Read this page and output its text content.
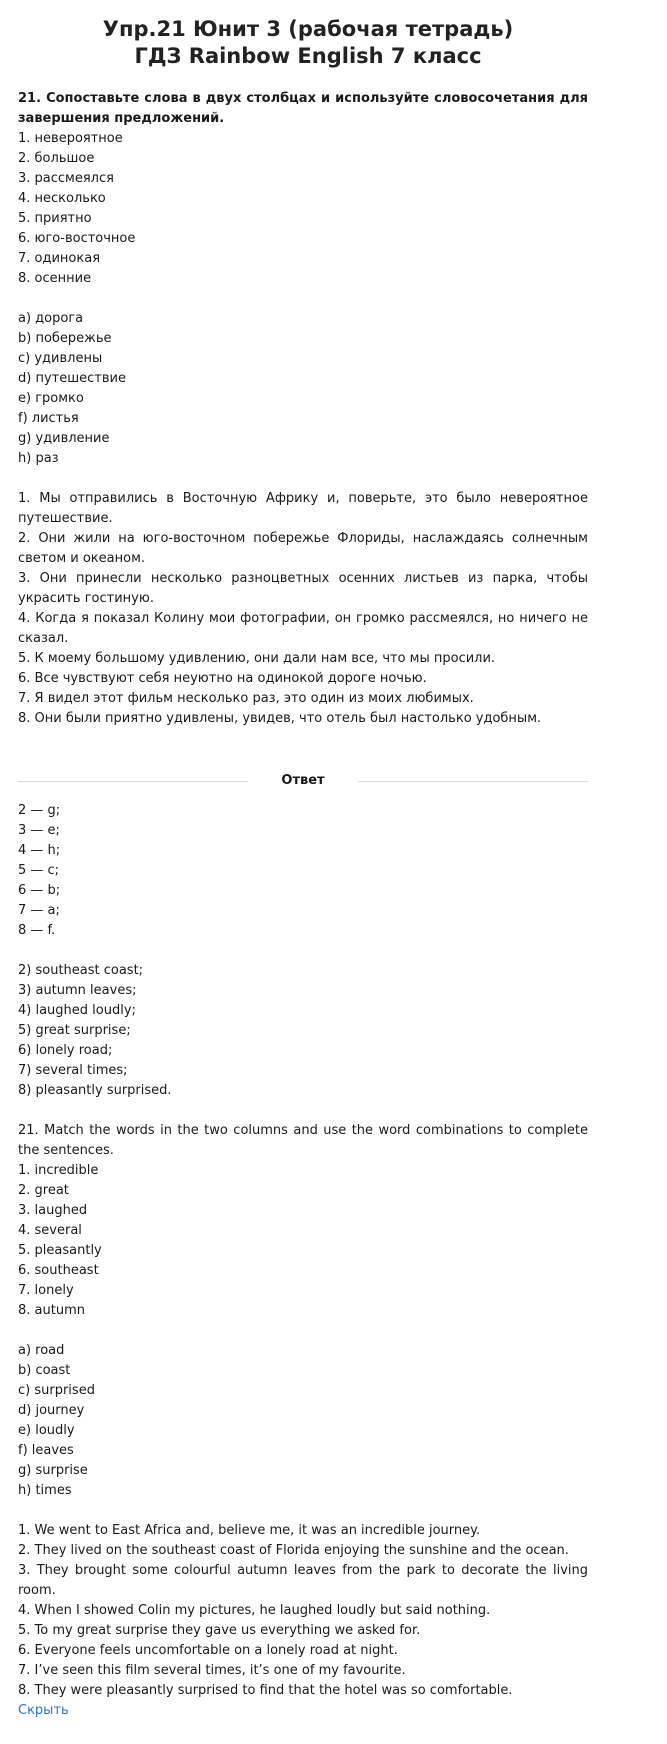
Упр.21 Юнит 3 (рабочая тетрадь)
ГДЗ Rainbow English 7 класс
21. Сопоставьте слова в двух столбцах и используйте словосочетания для завершения предложений.
1. невероятное
2. большое
3. рассмеялся
4. несколько
5. приятно
6. юго-восточное
7. одинокая
8. осенние
a) дорога
b) побережье
c) удивлены
d) путешествие
e) громко
f) листья
g) удивление
h) раз
1. Мы отправились в Восточную Африку и, поверьте, это было невероятное путешествие.
2. Они жили на юго-восточном побережье Флориды, наслаждаясь солнечным светом и океаном.
3. Они принесли несколько разноцветных осенних листьев из парка, чтобы украсить гостиную.
4. Когда я показал Колину мои фотографии, он громко рассмеялся, но ничего не сказал.
5. К моему большому удивлению, они дали нам все, что мы просили.
6. Все чувствуют себя неуютно на одинокой дороге ночью.
7. Я видел этот фильм несколько раз, это один из моих любимых.
8. Они были приятно удивлены, увидев, что отель был настолько удобным.
Ответ
2 — g;
3 — e;
4 — h;
5 — c;
6 — b;
7 — a;
8 — f.
2) southeast coast;
3) autumn leaves;
4) laughed loudly;
5) great surprise;
6) lonely road;
7) several times;
8) pleasantly surprised.
21. Match the words in the two columns and use the word combinations to complete the sentences.
1. incredible
2. great
3. laughed
4. several
5. pleasantly
6. southeast
7. lonely
8. autumn
a) road
b) coast
c) surprised
d) journey
e) loudly
f) leaves
g) surprise
h) times
1. We went to East Africa and, believe me, it was an incredible journey.
2. They lived on the southeast coast of Florida enjoying the sunshine and the ocean.
3. They brought some colourful autumn leaves from the park to decorate the living room.
4. When I showed Colin my pictures, he laughed loudly but said nothing.
5. To my great surprise they gave us everything we asked for.
6. Everyone feels uncomfortable on a lonely road at night.
7. I’ve seen this film several times, it’s one of my favourite.
8. They were pleasantly surprised to find that the hotel was so comfortable.
Скрыть
